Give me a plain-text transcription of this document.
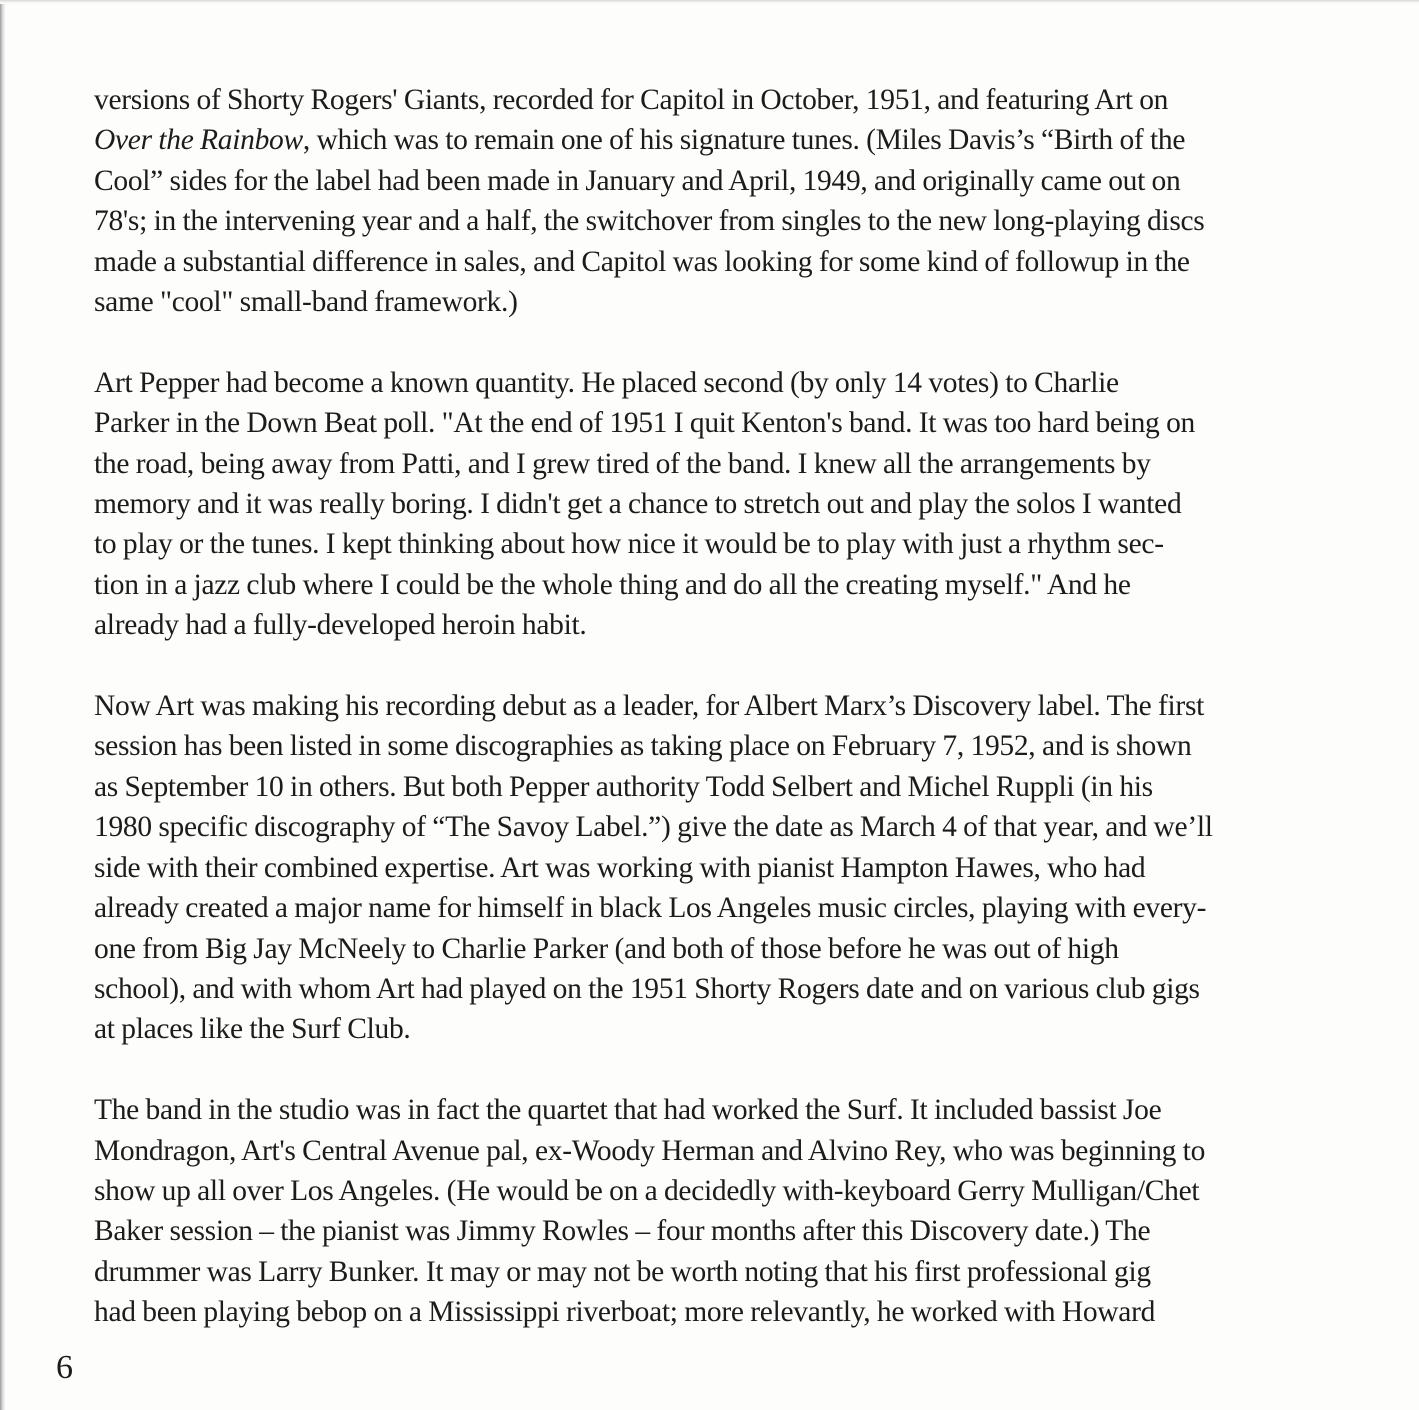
versions of Shorty Rogers' Giants, recorded for Capitol in October, 1951, and featuring Art on
Over the Rainbow, which was to remain one of his signature tunes. (Miles Davis’s “Birth of the
Cool” sides for the label had been made in January and April, 1949, and originally came out on
78's; in the intervening year and a half, the switchover from singles to the new long-playing discs
made a substantial difference in sales, and Capitol was looking for some kind of followup in the
same "cool" small-band framework.)

Art Pepper had become a known quantity. He placed second (by only 14 votes) to Charlie
Parker in the Down Beat poll. "At the end of 1951 I quit Kenton's band. It was too hard being on
the road, being away from Patti, and I grew tired of the band. I knew all the arrangements by
memory and it was really boring. I didn't get a chance to stretch out and play the solos I wanted
to play or the tunes. I kept thinking about how nice it would be to play with just a rhythm sec-
tion in a jazz club where I could be the whole thing and do all the creating myself." And he
already had a fully-developed heroin habit.

Now Art was making his recording debut as a leader, for Albert Marx’s Discovery label. The first
session has been listed in some discographies as taking place on February 7, 1952, and is shown
as September 10 in others. But both Pepper authority Todd Selbert and Michel Ruppli (in his
1980 specific discography of “The Savoy Label.”) give the date as March 4 of that year, and we’ll
side with their combined expertise. Art was working with pianist Hampton Hawes, who had
already created a major name for himself in black Los Angeles music circles, playing with every-
one from Big Jay McNeely to Charlie Parker (and both of those before he was out of high
school), and with whom Art had played on the 1951 Shorty Rogers date and on various club gigs
at places like the Surf Club.

The band in the studio was in fact the quartet that had worked the Surf. It included bassist Joe
Mondragon, Art's Central Avenue pal, ex-Woody Herman and Alvino Rey, who was beginning to
show up all over Los Angeles. (He would be on a decidedly with-keyboard Gerry Mulligan/Chet
Baker session – the pianist was Jimmy Rowles – four months after this Discovery date.) The
drummer was Larry Bunker. It may or may not be worth noting that his first professional gig
had been playing bebop on a Mississippi riverboat; more relevantly, he worked with Howard

6
